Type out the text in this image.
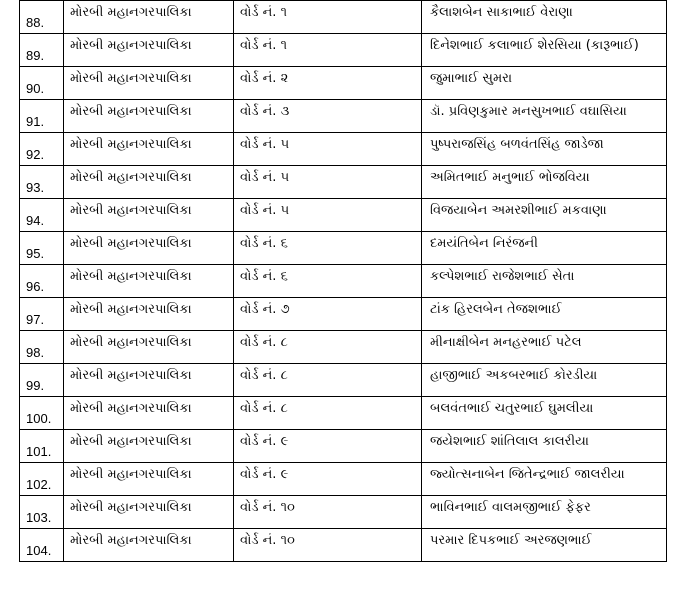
88.	મોરબી મહાનગરપાલિકા	વોર્ડ નં. ૧	કૈલાશબેન સાકાભાઈ વેરાણા
89.	મોરબી મહાનગરપાલિકા	વોર્ડ નં. ૧	દિનેશભાઈ કલાભાઈ શેરસિયા (કારૂભાઈ)
90.	મોરબી મહાનગરપાલિકા	વોર્ડ નં. ૨	જુમાભાઈ સુમરા
91.	મોરબી મહાનગરપાલિકા	વોર્ડ નં. ૩	ડૉ. પ્રવિણકુમાર મનસુખભાઈ વઘાસિયા
92.	મોરબી મહાનગરપાલિકા	વોર્ડ નં. ૫	પુષ્પરાજસિંહ બળવંતસિંહ જાડેજા
93.	મોરબી મહાનગરપાલિકા	વોર્ડ નં. ૫	અમિતભાઈ મનુભાઈ ભોજવિયા
94.	મોરબી મહાનગરપાલિકા	વોર્ડ નં. ૫	વિજયાબેન અમરશીભાઈ મકવાણા
95.	મોરબી મહાનગરપાલિકા	વોર્ડ નં. ૬	દમયંતિબેન નિરંજની
96.	મોરબી મહાનગરપાલિકા	વોર્ડ નં. ૬	કલ્પેશભાઈ રાજેશભાઈ સેતા
97.	મોરબી મહાનગરપાલિકા	વોર્ડ નં. ૭	ટાંક હિરલબેન તેજશભાઈ
98.	મોરબી મહાનગરપાલિકા	વોર્ડ નં. ૮	મીનાક્ષીબેન મનહરભાઈ પટેલ
99.	મોરબી મહાનગરપાલિકા	વોર્ડ નં. ૮	હાજીભાઈ અકબરભાઈ કોરડીયા
100.	મોરબી મહાનગરપાલિકા	વોર્ડ નં. ૮	બલવંતભાઈ ચતુરભાઈ ઘુમલીયા
101.	મોરબી મહાનગરપાલિકા	વોર્ડ નં. ૯	જયેશભાઈ શાંતિલાલ કાલરીયા
102.	મોરબી મહાનગરપાલિકા	વોર્ડ નં. ૯	જ્યોત્સનાબેન જિતેન્દ્રભાઈ જાલરીયા
103.	મોરબી મહાનગરપાલિકા	વોર્ડ નં. ૧૦	ભાવિનભાઈ વાલમજીભાઈ ફેફર
104.	મોરબી મહાનગરપાલિકા	વોર્ડ નં. ૧૦	પરમાર દિપકભાઈ અરજણભાઈ
